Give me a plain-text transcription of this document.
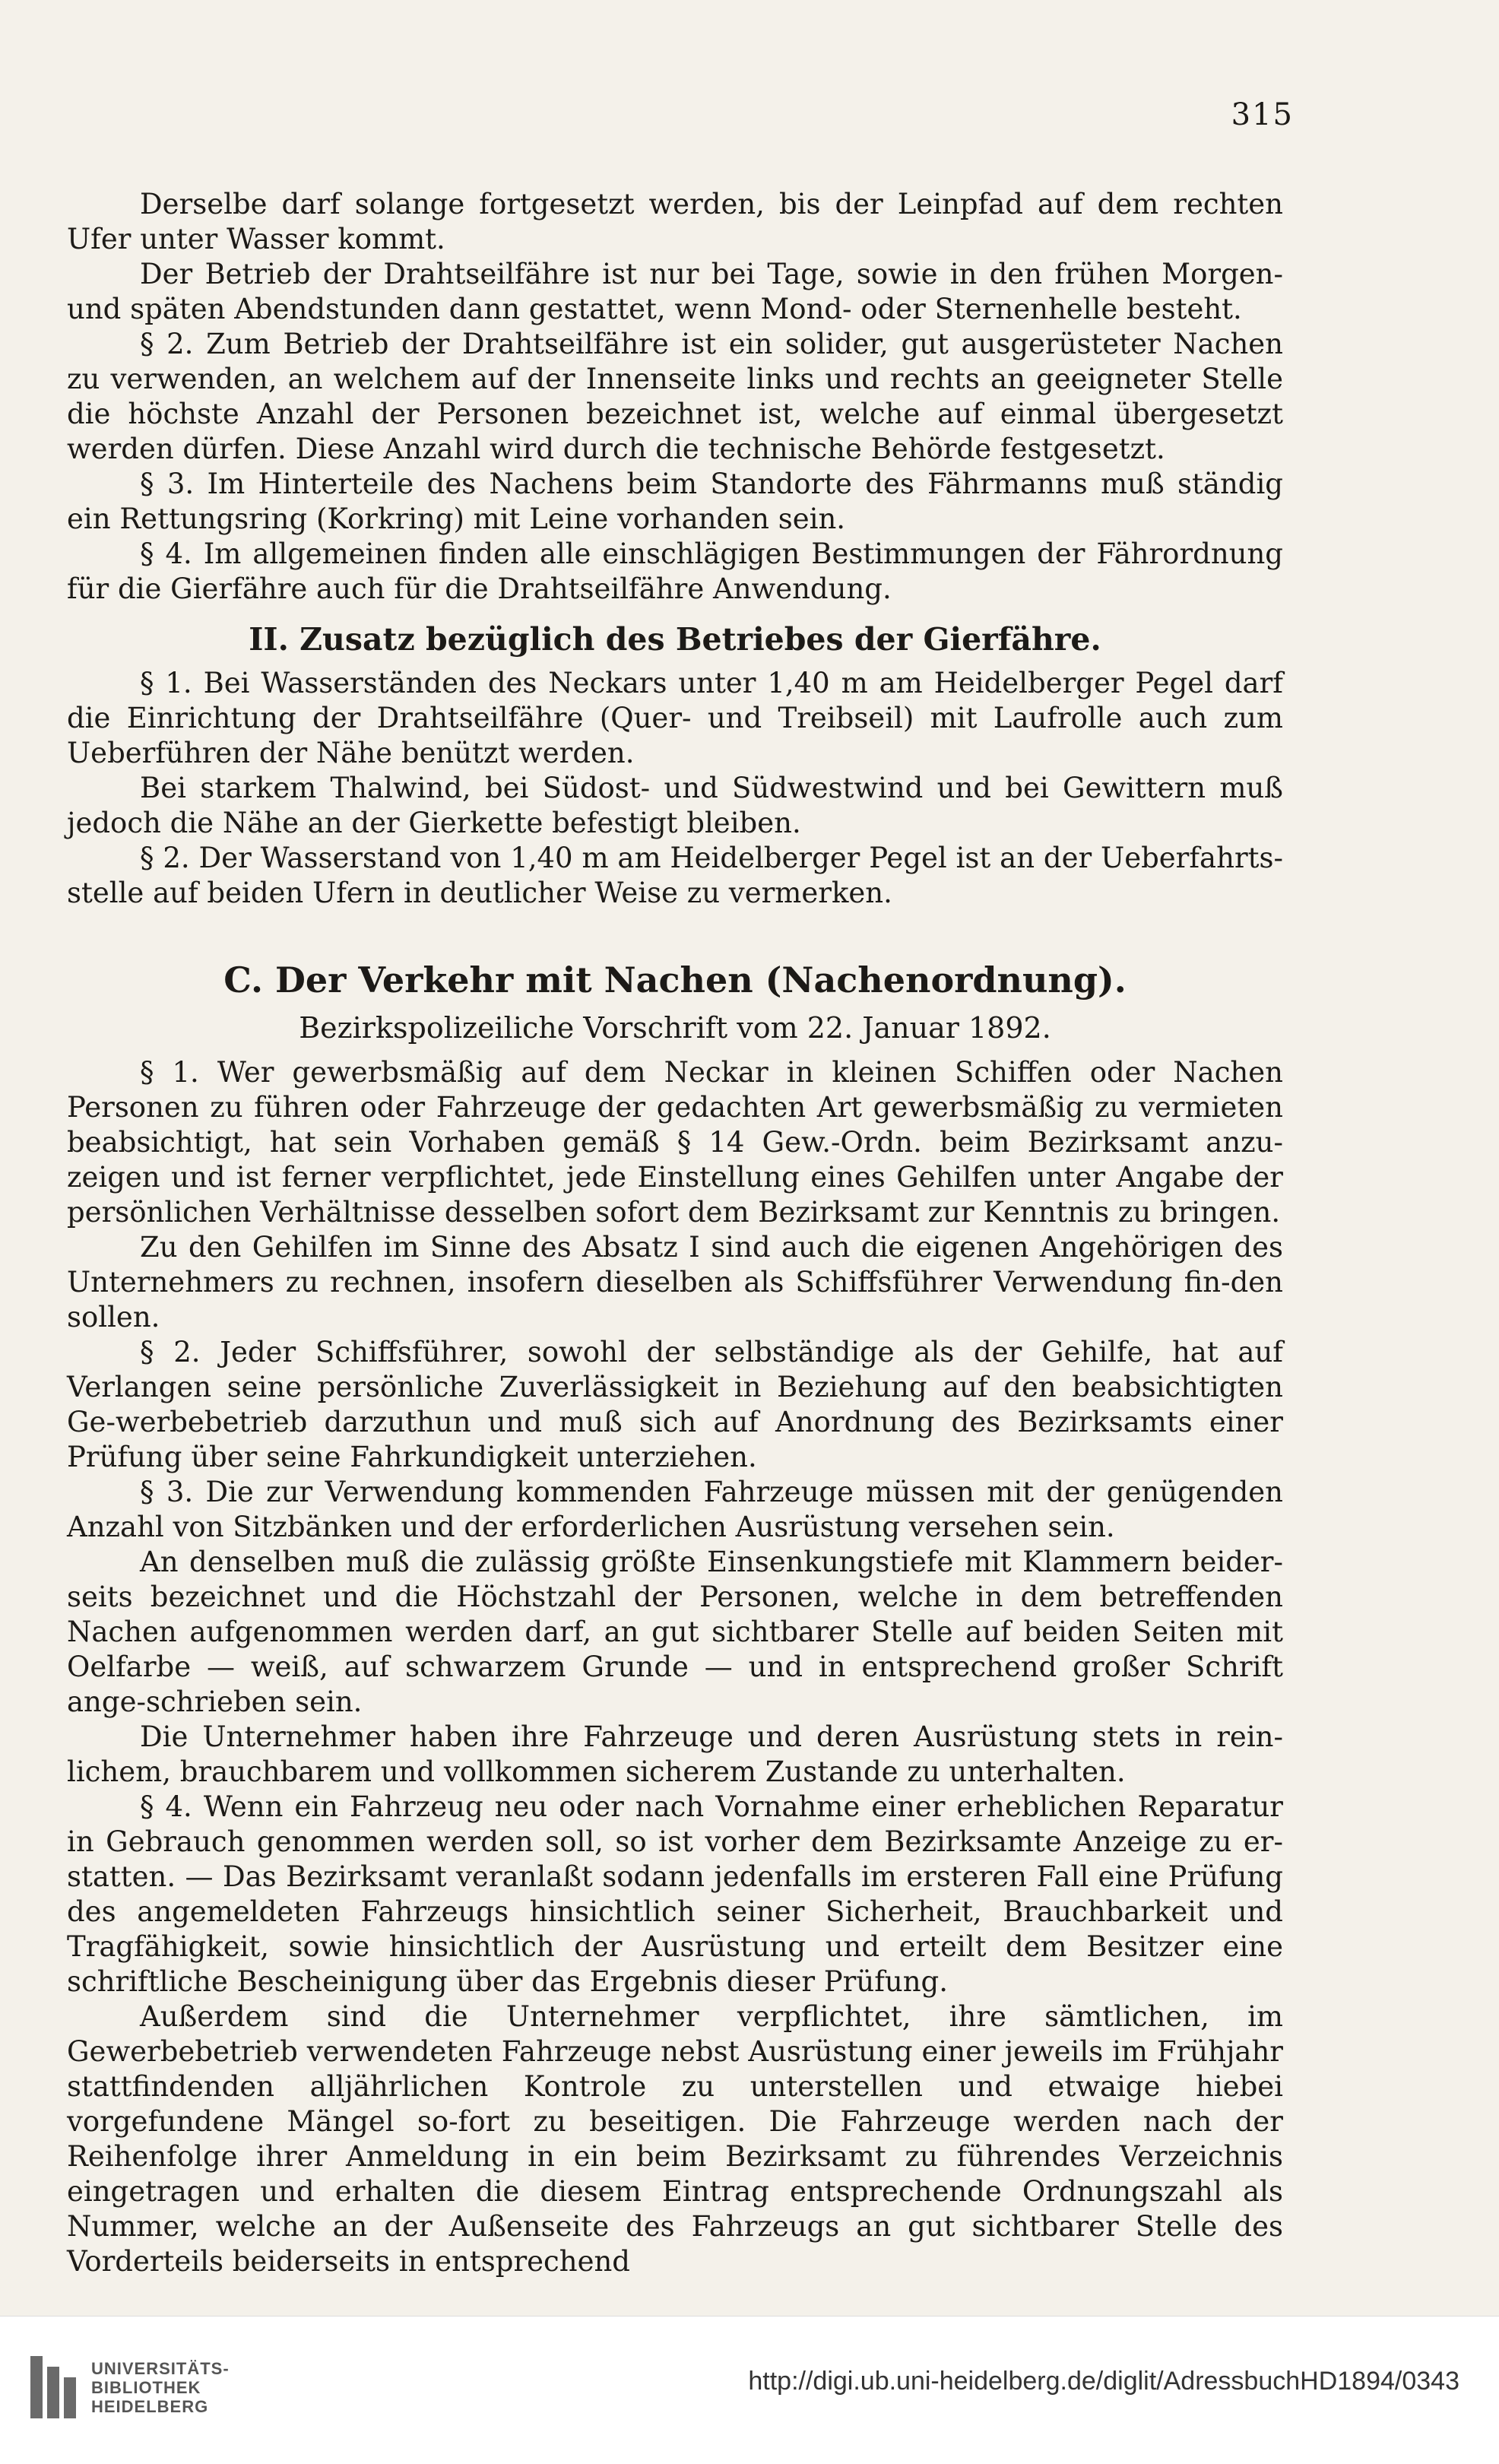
315

Derselbe darf solange fortgesetzt werden, bis der Leinpfad auf dem rechten Ufer unter Wasser kommt.

Der Betrieb der Drahtseilfähre ist nur bei Tage, sowie in den frühen Morgen- und späten Abendstunden dann gestattet, wenn Mond- oder Sternenhelle besteht.

§ 2. Zum Betrieb der Drahtseilfähre ist ein solider, gut ausgerüsteter Nachen zu verwenden, an welchem auf der Innenseite links und rechts an geeigneter Stelle die höchste Anzahl der Personen bezeichnet ist, welche auf einmal übergesetzt werden dürfen. Diese Anzahl wird durch die technische Behörde festgesetzt.

§ 3. Im Hinterteile des Nachens beim Standorte des Fährmanns muß ständig ein Rettungsring (Korkring) mit Leine vorhanden sein.

§ 4. Im allgemeinen finden alle einschlägigen Bestimmungen der Fährordnung für die Gierfähre auch für die Drahtseilfähre Anwendung.

II. Zusatz bezüglich des Betriebes der Gierfähre.

§ 1. Bei Wasserständen des Neckars unter 1,40 m am Heidelberger Pegel darf die Einrichtung der Drahtseilfähre (Quer- und Treibseil) mit Laufrolle auch zum Ueberführen der Nähe benützt werden.

Bei starkem Thalwind, bei Südost- und Südwestwind und bei Gewittern muß jedoch die Nähe an der Gierkette befestigt bleiben.

§ 2. Der Wasserstand von 1,40 m am Heidelberger Pegel ist an der Ueberfahrts-stelle auf beiden Ufern in deutlicher Weise zu vermerken.

C. Der Verkehr mit Nachen (Nachenordnung).
Bezirkspolizeiliche Vorschrift vom 22. Januar 1892.

§ 1. Wer gewerbsmäßig auf dem Neckar in kleinen Schiffen oder Nachen Personen zu führen oder Fahrzeuge der gedachten Art gewerbsmäßig zu vermieten beabsichtigt, hat sein Vorhaben gemäß § 14 Gew.-Ordn. beim Bezirksamt anzu-zeigen und ist ferner verpflichtet, jede Einstellung eines Gehilfen unter Angabe der persönlichen Verhältnisse desselben sofort dem Bezirksamt zur Kenntnis zu bringen.

Zu den Gehilfen im Sinne des Absatz I sind auch die eigenen Angehörigen des Unternehmers zu rechnen, insofern dieselben als Schiffsführer Verwendung fin-den sollen.

§ 2. Jeder Schiffsführer, sowohl der selbständige als der Gehilfe, hat auf Verlangen seine persönliche Zuverlässigkeit in Beziehung auf den beabsichtigten Ge-werbebetrieb darzuthun und muß sich auf Anordnung des Bezirksamts einer Prüfung über seine Fahrkundigkeit unterziehen.

§ 3. Die zur Verwendung kommenden Fahrzeuge müssen mit der genügenden Anzahl von Sitzbänken und der erforderlichen Ausrüstung versehen sein.

An denselben muß die zulässig größte Einsenkungstiefe mit Klammern beider-seits bezeichnet und die Höchstzahl der Personen, welche in dem betreffenden Nachen aufgenommen werden darf, an gut sichtbarer Stelle auf beiden Seiten mit Oelfarbe — weiß, auf schwarzem Grunde — und in entsprechend großer Schrift ange-schrieben sein.

Die Unternehmer haben ihre Fahrzeuge und deren Ausrüstung stets in rein-lichem, brauchbarem und vollkommen sicherem Zustande zu unterhalten.

§ 4. Wenn ein Fahrzeug neu oder nach Vornahme einer erheblichen Reparatur in Gebrauch genommen werden soll, so ist vorher dem Bezirksamte Anzeige zu er-statten. — Das Bezirksamt veranlaßt sodann jedenfalls im ersteren Fall eine Prüfung des angemeldeten Fahrzeugs hinsichtlich seiner Sicherheit, Brauchbarkeit und Tragfähigkeit, sowie hinsichtlich der Ausrüstung und erteilt dem Besitzer eine schriftliche Bescheinigung über das Ergebnis dieser Prüfung.

Außerdem sind die Unternehmer verpflichtet, ihre sämtlichen, im Gewerbebetrieb verwendeten Fahrzeuge nebst Ausrüstung einer jeweils im Frühjahr stattfindenden alljährlichen Kontrole zu unterstellen und etwaige hiebei vorgefundene Mängel so-fort zu beseitigen. Die Fahrzeuge werden nach der Reihenfolge ihrer Anmeldung in ein beim Bezirksamt zu führendes Verzeichnis eingetragen und erhalten die diesem Eintrag entsprechende Ordnungszahl als Nummer, welche an der Außenseite des Fahrzeugs an gut sichtbarer Stelle des Vorderteils beiderseits in entsprechend

UNIVERSITÄTS-
BIBLIOTHEK
HEIDELBERG
http://digi.ub.uni-heidelberg.de/diglit/AdressbuchHD1894/0343
